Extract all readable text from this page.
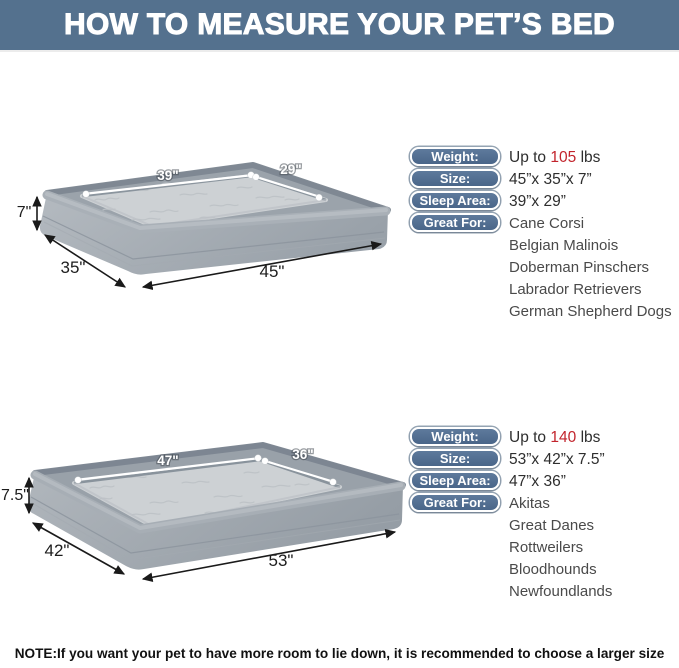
HOW TO MEASURE YOUR PET’S BED
39"	29"
7"
35"	45"
47"	36"
7.5"
42"
53"
Weight: Up to 105 lbs
Size:	45”x 35”x 7”
Sleep Area: 39”x 29”
Great For: Cane Corsi
Belgian Malinois
Doberman Pinschers
Labrador Retrievers
German Shepherd Dogs
Weight: Up to 140 lbs
Size:	53”x 42”x 7.5”
Sleep Area: 47”x 36”
Great For: Akitas
Great Danes
Rottweilers
Bloodhounds
Newfoundlands
NOTE:If you want your pet to have more room to lie down, it is recommended to choose a larger size
